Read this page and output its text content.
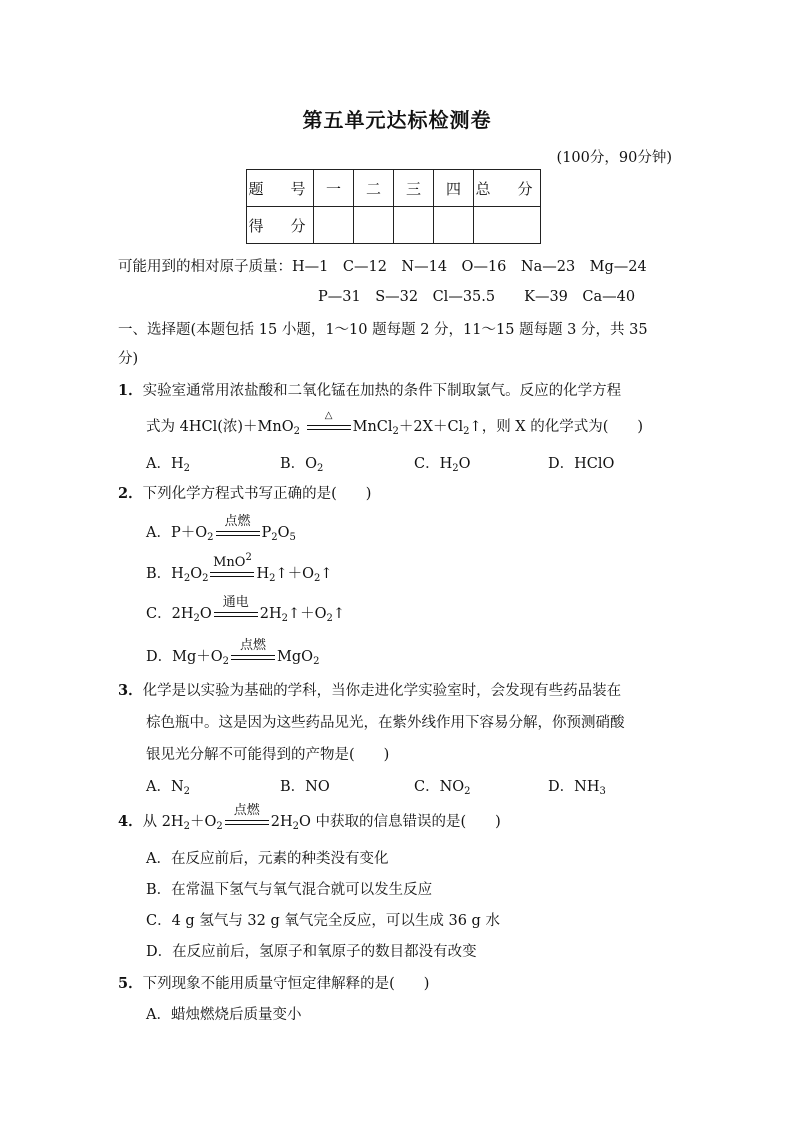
第五单元达标检测卷
(100分，90分钟)
题　号	一	二	三	四	总　分
得　分					
可能用到的相对原子质量：H—1　C—12　N—14　O—16　Na—23　Mg—24
P—31　S—32　Cl—35.5　　K—39　Ca—40
一、选择题(本题包括 15 小题，1～10 题每题 2 分，11～15 题每题 3 分，共 35
分)
1．实验室通常用浓盐酸和二氧化锰在加热的条件下制取氯气。反应的化学方程
式为 4HCl(浓)＋MnO$_2$
△
$MnCl_2+2X+Cl_2↑$，则 X 的化学式为(　　)
A．$H_2$	B．$O_2$	C．$H_2O$	D．HClO
2．下列化学方程式书写正确的是(　　)
A．$P+O_2$
点燃
$P_2O_5$
B．$H_2O_2$
MnO$^2$
$H_2↑+O_2↑$
C．$2H_2O$
通电
$2H_2↑+O_2↑$
D．$Mg+O_2$
点燃
MgO$_2$
3．化学是以实验为基础的学科，当你走进化学实验室时，会发现有些药品装在
棕色瓶中。这是因为这些药品见光，在紫外线作用下容易分解，你预测硝酸
银见光分解不可能得到的产物是(　　)
A．$N_2$	B．NO	C．$NO_2$	D．$NH_3$
4．从 $2H_2+O_2$
点燃
$2H_2O$ 中获取的信息错误的是(　　)
A．在反应前后，元素的种类没有变化
B．在常温下氢气与氧气混合就可以发生反应
C．4 g 氢气与 32 g 氧气完全反应，可以生成 36 g 水
D．在反应前后，氢原子和氧原子的数目都没有改变
5．下列现象不能用质量守恒定律解释的是(　　)
A．蜡烛燃烧后质量变小
